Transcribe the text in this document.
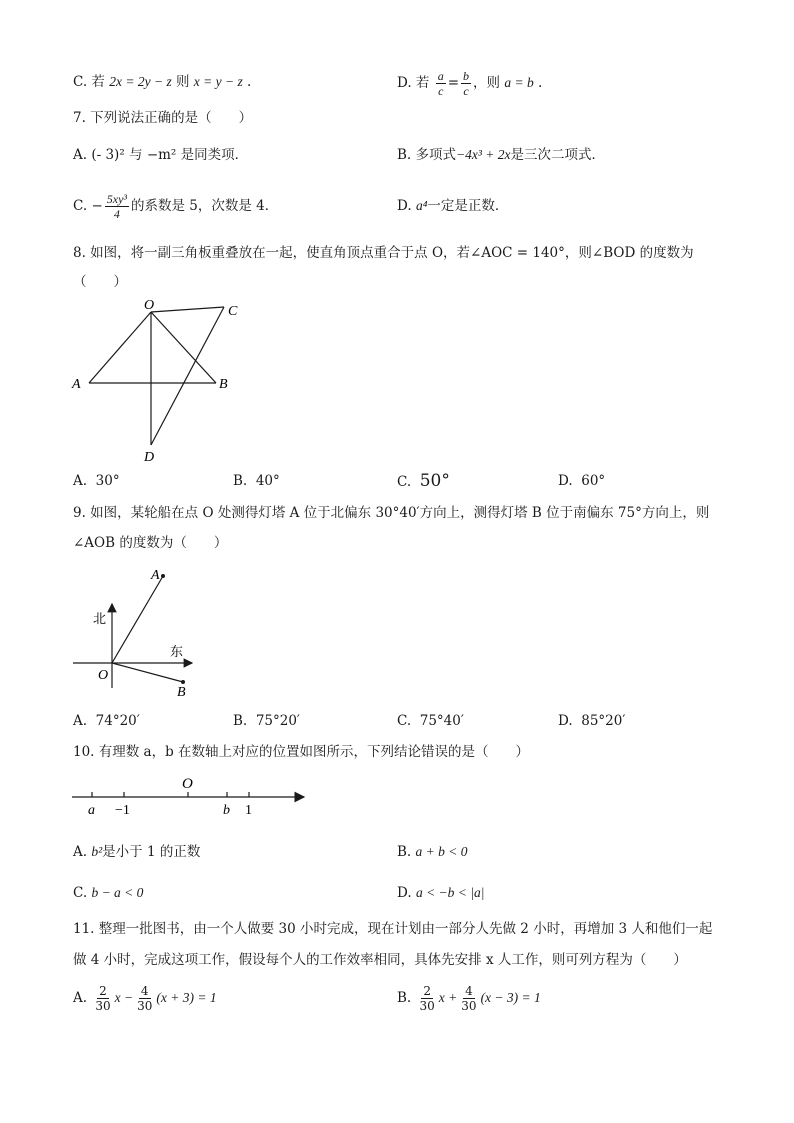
C. 若 2x = 2y − z 则 x = y − z .	D. 若 $\frac{a}{c} = \frac{b}{c}$ ，则 a = b .
7. 下列说法正确的是（　　）
A. (- 3)² 与 −m² 是同类项．	B. 多项式−4x³ + 2x是三次二项式．
C. − $\frac{\text{5xy³}}{4}$ 的系数是 5，次数是 4．	D. a⁴一定是正数．
8. 如图，将一副三角板重叠放在一起，使直角顶点重合于点 O，若∠AOC = 140°，则∠BOD 的度数为
（　　）
O	C
A	B
D
A. 30°	B. 40°	C. 50°	D. 60°
9. 如图，某轮船在点 O 处测得灯塔 A 位于北偏东 30°40′方向上，测得灯塔 B 位于南偏东 75°方向上，则
∠AOB 的度数为（　　）
A
北
东
O
B
A. 74°20′	B. 75°20′	C. 75°40′	D. 85°20′
10. 有理数 a，b 在数轴上对应的位置如图所示，下列结论错误的是（　　）
O
a −1	b 1
A. b²是小于 1 的正数	B. a + b < 0
C. b − a < 0	D. a < −b < |a|
11. 整理一批图书，由一个人做要 30 小时完成，现在计划由一部分人先做 2 小时，再增加 3 人和他们一起
做 4 小时，完成这项工作，假设每个人的工作效率相同，具体先安排 x 人工作，则可列方程为（　　）
A. $\frac{2}{30}$ $x - \frac{4}{30} (x + 3) = 1$	B. $\frac{2}{30}$ $x + \frac{4}{30} (x - 3) = 1$
